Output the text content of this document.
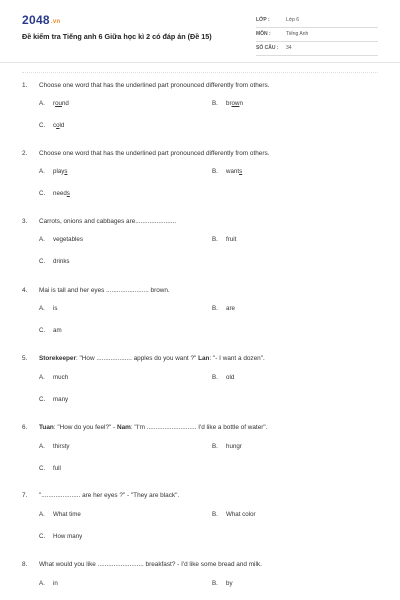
2048.vn
Đề kiểm tra Tiếng anh 6 Giữa học kì 2 có đáp án (Đề 15)
LỚP :	Lớp 6
MÔN :	Tiếng Anh
SỐ CÂU : 34
1. Choose one word that has the underlined part pronounced differently from others.
A. round	B. brown
C. cold
2. Choose one word that has the underlined part pronounced differently from others.
A. plays	B. wants
C. needs
3. Carrots, onions and cabbages are.......................
A. vegetables	B. fruit
C. drinks
4. Mai is tall and her eyes ........................ brown.
A. is	B. are
C. am
5. Storekeeper: "How .................... apples do you want ?" Lan: "- I want a dozen".
A. much	B. old
C. many
6. Tuan: "How do you feel?" - Nam: "I'm ............................ I'd like a bottle of water".
A. thirsty	B. hungr
C. full
7. "...................... are her eyes ?" - "They are black".
A. What time	B. What color
C. How many
8. What would you like .......................... breakfast? - I'd like some bread and milk.
A. in	B. by
